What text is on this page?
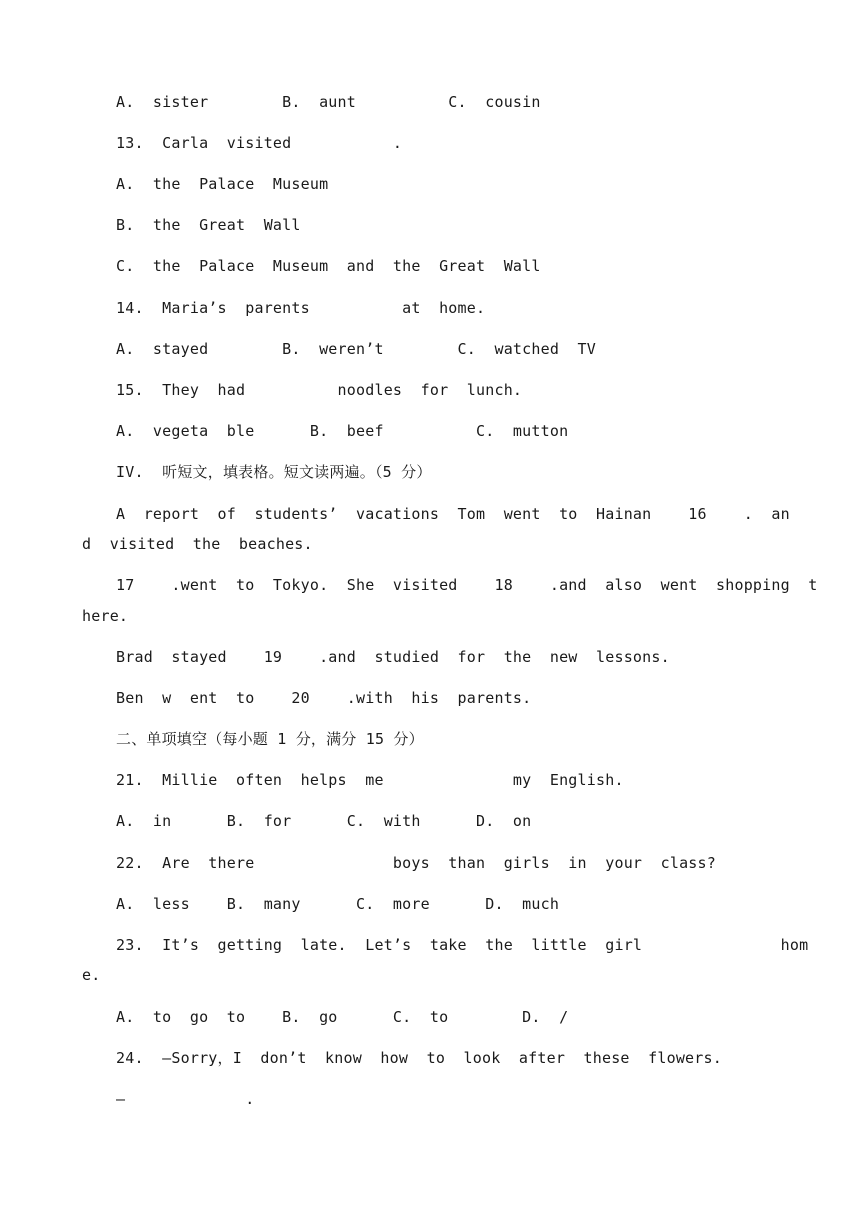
A.  sister        B.  aunt          C.  cousin
13.  Carla  visited           .
A.  the  Palace  Museum
B.  the  Great  Wall
C.  the  Palace  Museum  and  the  Great  Wall
14.  Maria’s  parents          at  home.
A.  stayed        B.  weren’t        C.  watched  TV
15.  They  had          noodles  for  lunch.
A.  vegeta  ble      B.  beef          C.  mutton
IV.  听短文，填表格。短文读两遍。（5 分）
A  report  of  students’  vacations  Tom  went  to  Hainan    16    .  an
d  visited  the  beaches.
17    .went  to  Tokyo.  She  visited    18    .and  also  went  shopping  t
here.
Brad  stayed    19    .and  studied  for  the  new  lessons.
Ben  w  ent  to    20    .with  his  parents.
二、单项填空（每小题 1 分，满分 15 分）
21.  Millie  often  helps  me              my  English.
A.  in      B.  for      C.  with      D.  on
22.  Are  there               boys  than  girls  in  your  class?
A.  less    B.  many      C.  more      D.  much
23.  It’s  getting  late.  Let’s  take  the  little  girl               hom
e.
A.  to  go  to    B.  go      C.  to        D.  /
24.  —Sorry，I  don’t  know  how  to  look  after  these  flowers.
—             .
